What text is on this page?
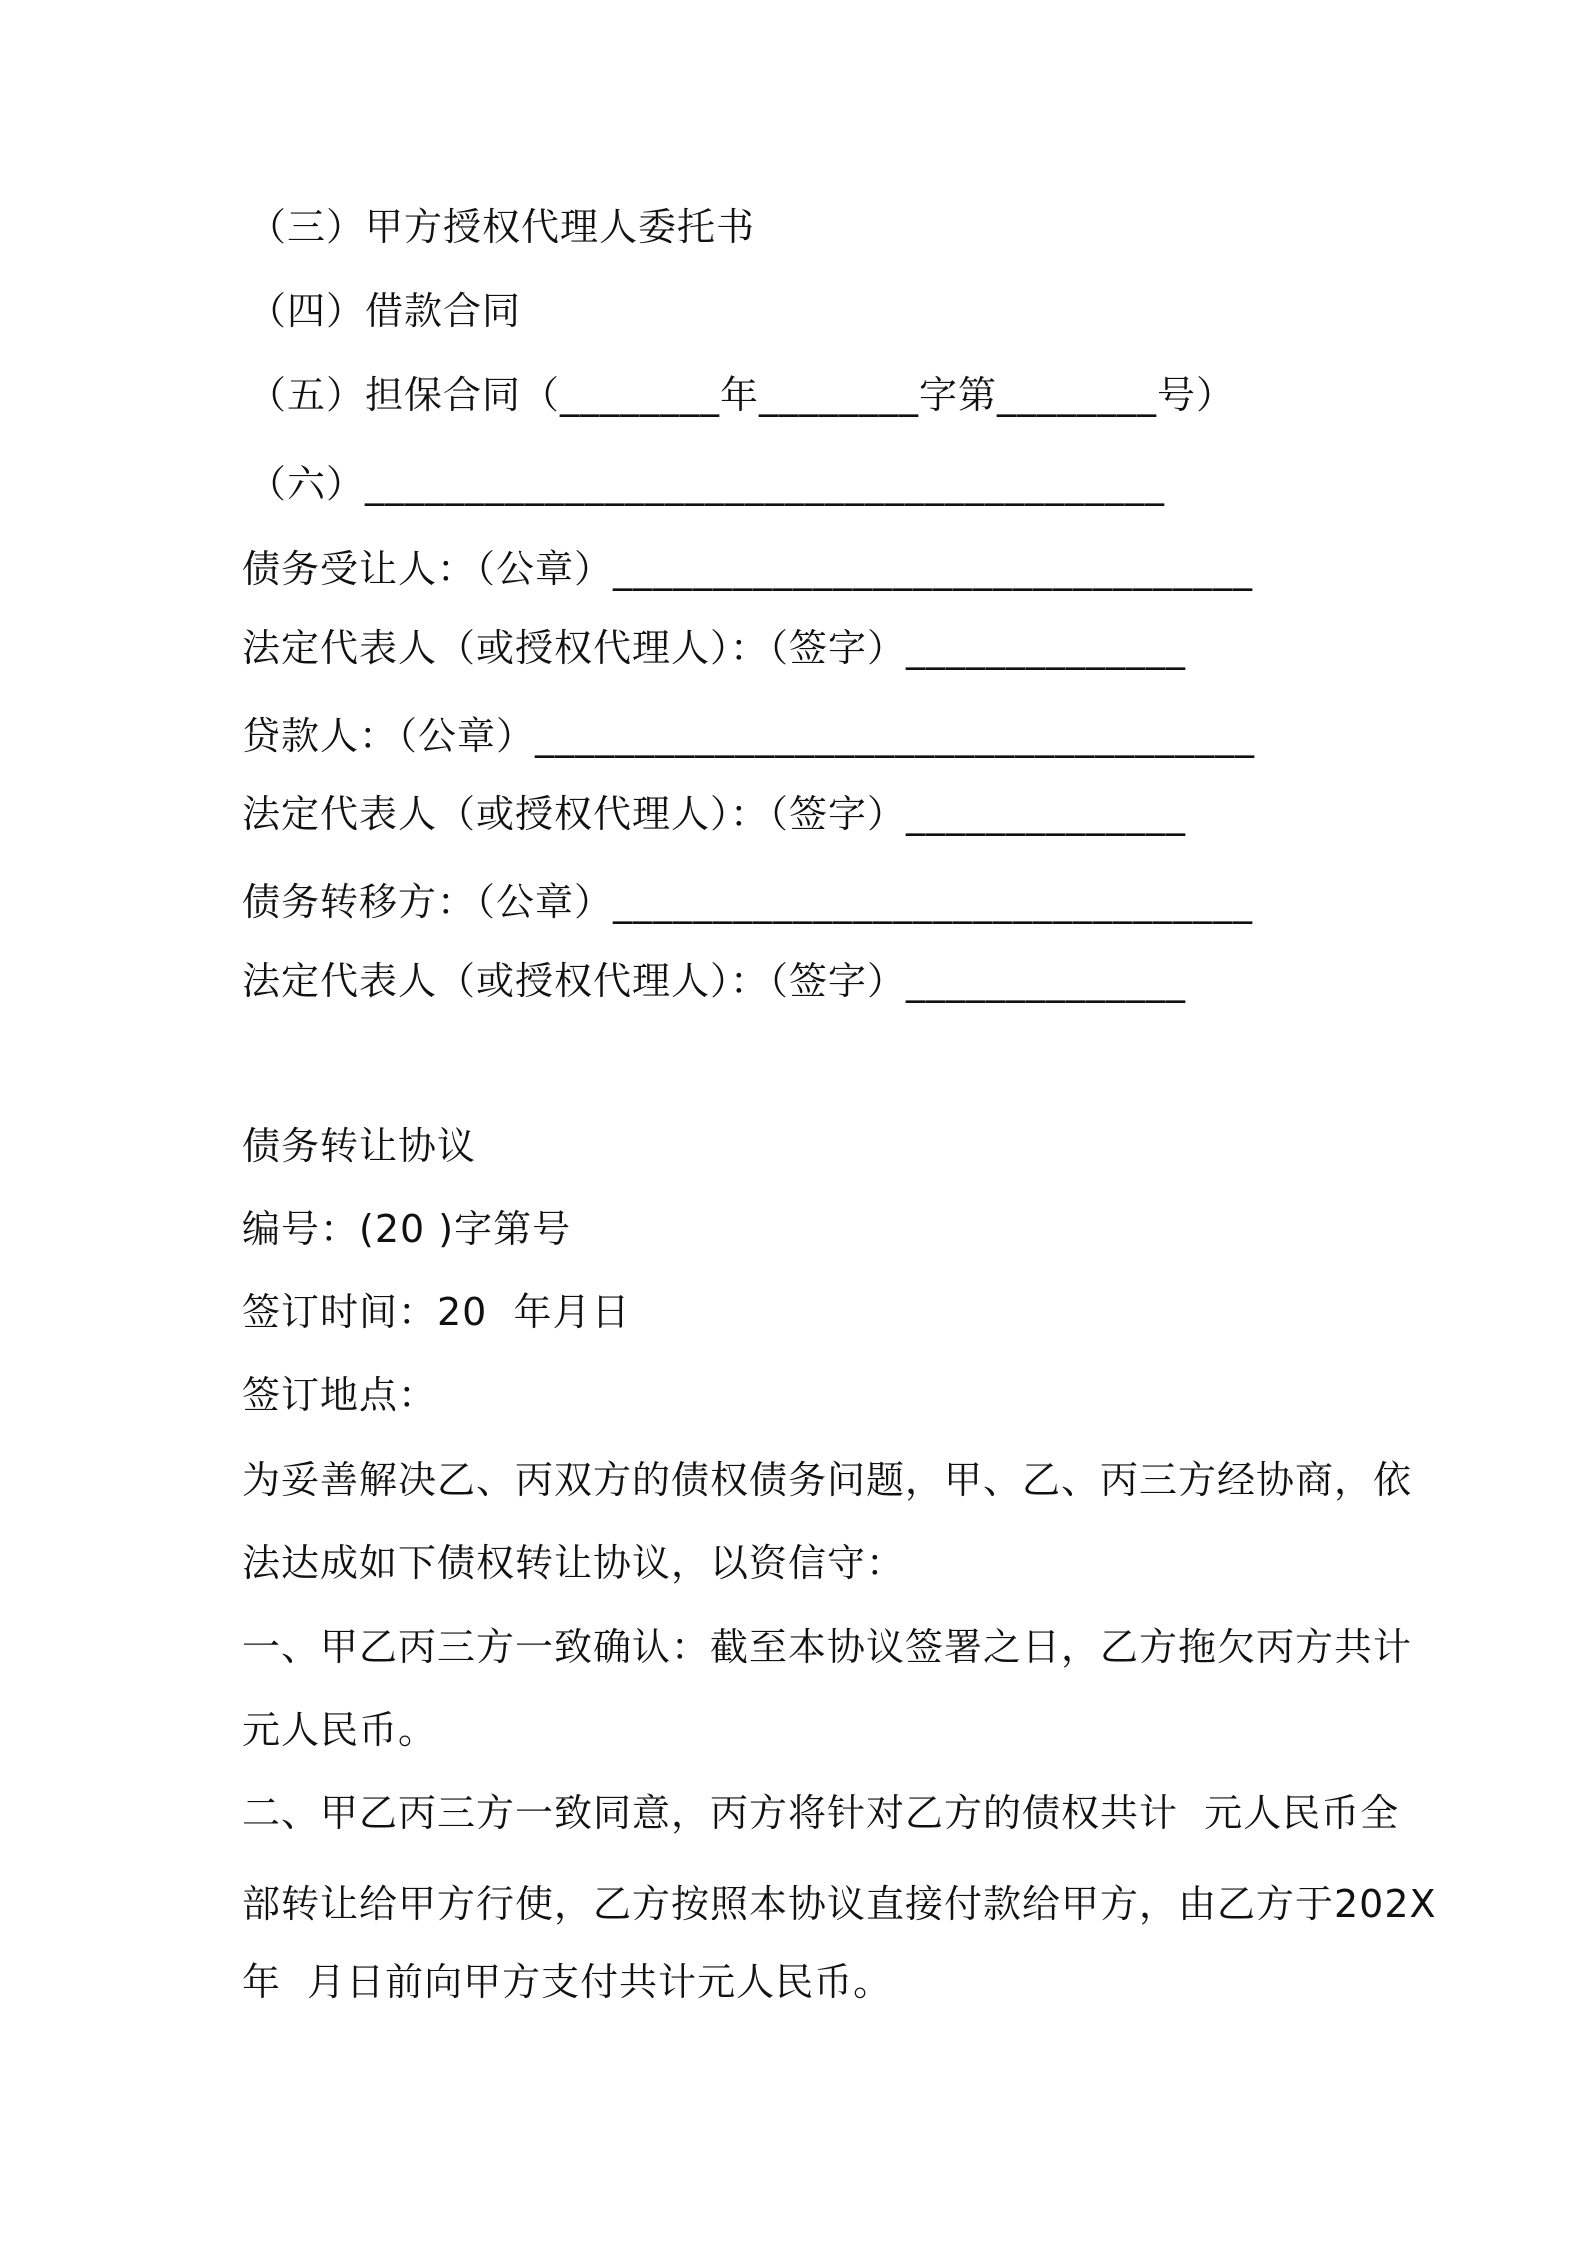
（三）甲方授权代理人委托书
（四）借款合同
（五）担保合同（________年________字第________号）
（六）________________________________________
债务受让人：（公章）________________________________
法定代表人（或授权代理人）：（签字）______________
贷款人：（公章）____________________________________
法定代表人（或授权代理人）：（签字）______________
债务转移方：（公章）________________________________
法定代表人（或授权代理人）：（签字）______________
债务转让协议
编号：(20 )字第号
签订时间：20  年月日
签订地点：
为妥善解决乙、丙双方的债权债务问题，甲、乙、丙三方经协商，依
法达成如下债权转让协议，以资信守：
一、甲乙丙三方一致确认：截至本协议签署之日，乙方拖欠丙方共计
元人民币。
二、甲乙丙三方一致同意，丙方将针对乙方的债权共计  元人民币全
部转让给甲方行使，乙方按照本协议直接付款给甲方，由乙方于202X
年  月日前向甲方支付共计元人民币。
